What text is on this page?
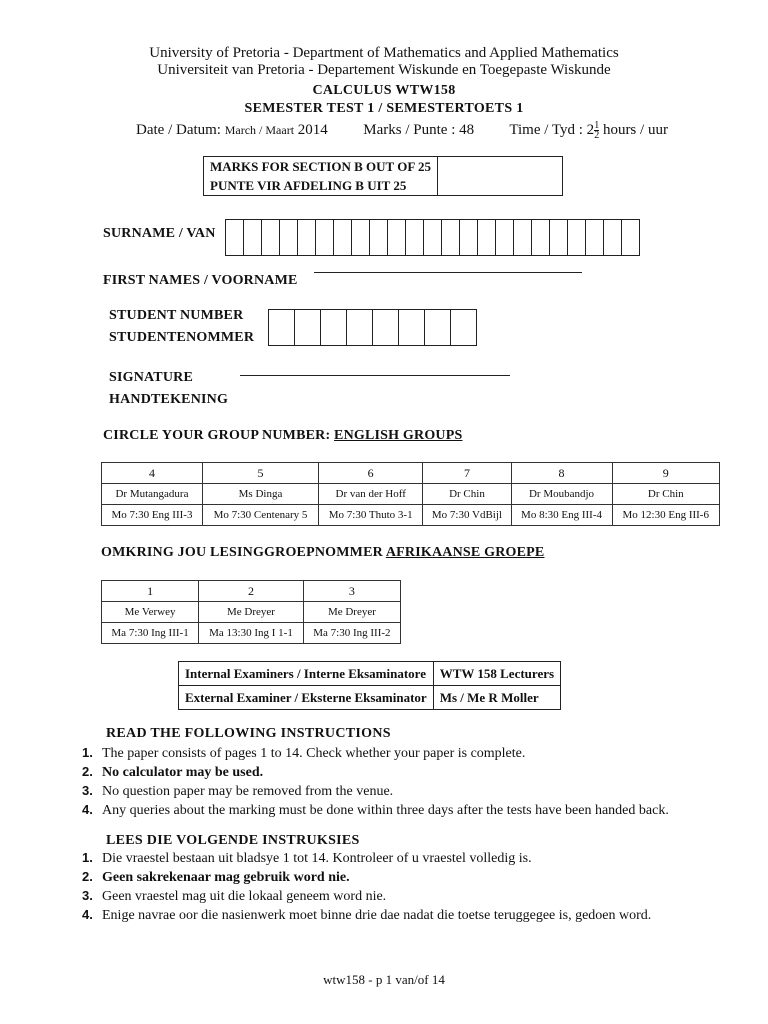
University of Pretoria - Department of Mathematics and Applied Mathematics
Universiteit van Pretoria - Departement Wiskunde en Toegepaste Wiskunde
CALCULUS WTW158
SEMESTER TEST 1 / SEMESTERTOETS 1
Date / Datum: March / Maart 2014 Marks / Punte : 48 Time / Tyd : $2 \frac{1}{2}$ hours / uur
MARKS FOR SECTION B OUT OF 25	
PUNTE VIR AFDELING B UIT 25
SURNAME / VAN
FIRST NAMES / VOORNAME
STUDENT NUMBER
STUDENTENOMMER
SIGNATURE
HANDTEKENING
CIRCLE YOUR GROUP NUMBER: ENGLISH GROUPS
4	5	6	7	8	9
Dr Mutangadura	Ms Dinga	Dr van der Hoff	Dr Chin	Dr Moubandjo	Dr Chin
Mo 7:30 Eng III-3	Mo 7:30 Centenary 5	Mo 7:30 Thuto 3-1	Mo 7:30 VdBijl	Mo 8:30 Eng III-4	Mo 12:30 Eng III-6
OMKRING JOU LESINGGROEPNOMMER AFRIKAANSE GROEPE
1	2	3
Me Verwey	Me Dreyer	Me Dreyer
Ma 7:30 Ing III-1	Ma 13:30 Ing I 1-1	Ma 7:30 Ing III-2
Internal Examiners / Interne Eksaminatore	WTW 158 Lecturers
External Examiner / Eksterne Eksaminator	Ms / Me R Moller
READ THE FOLLOWING INSTRUCTIONS
1. The paper consists of pages 1 to 14. Check whether your paper is complete.
2. No calculator may be used.
3. No question paper may be removed from the venue.
4. Any queries about the marking must be done within three days after the tests have been handed back.
LEES DIE VOLGENDE INSTRUKSIES
1. Die vraestel bestaan uit bladsye 1 tot 14. Kontroleer of u vraestel volledig is.
2. Geen sakrekenaar mag gebruik word nie.
3. Geen vraestel mag uit die lokaal geneem word nie.
4. Enige navrae oor die nasienwerk moet binne drie dae nadat die toetse teruggegee is, gedoen word.
wtw158 - p 1 van/of 14
